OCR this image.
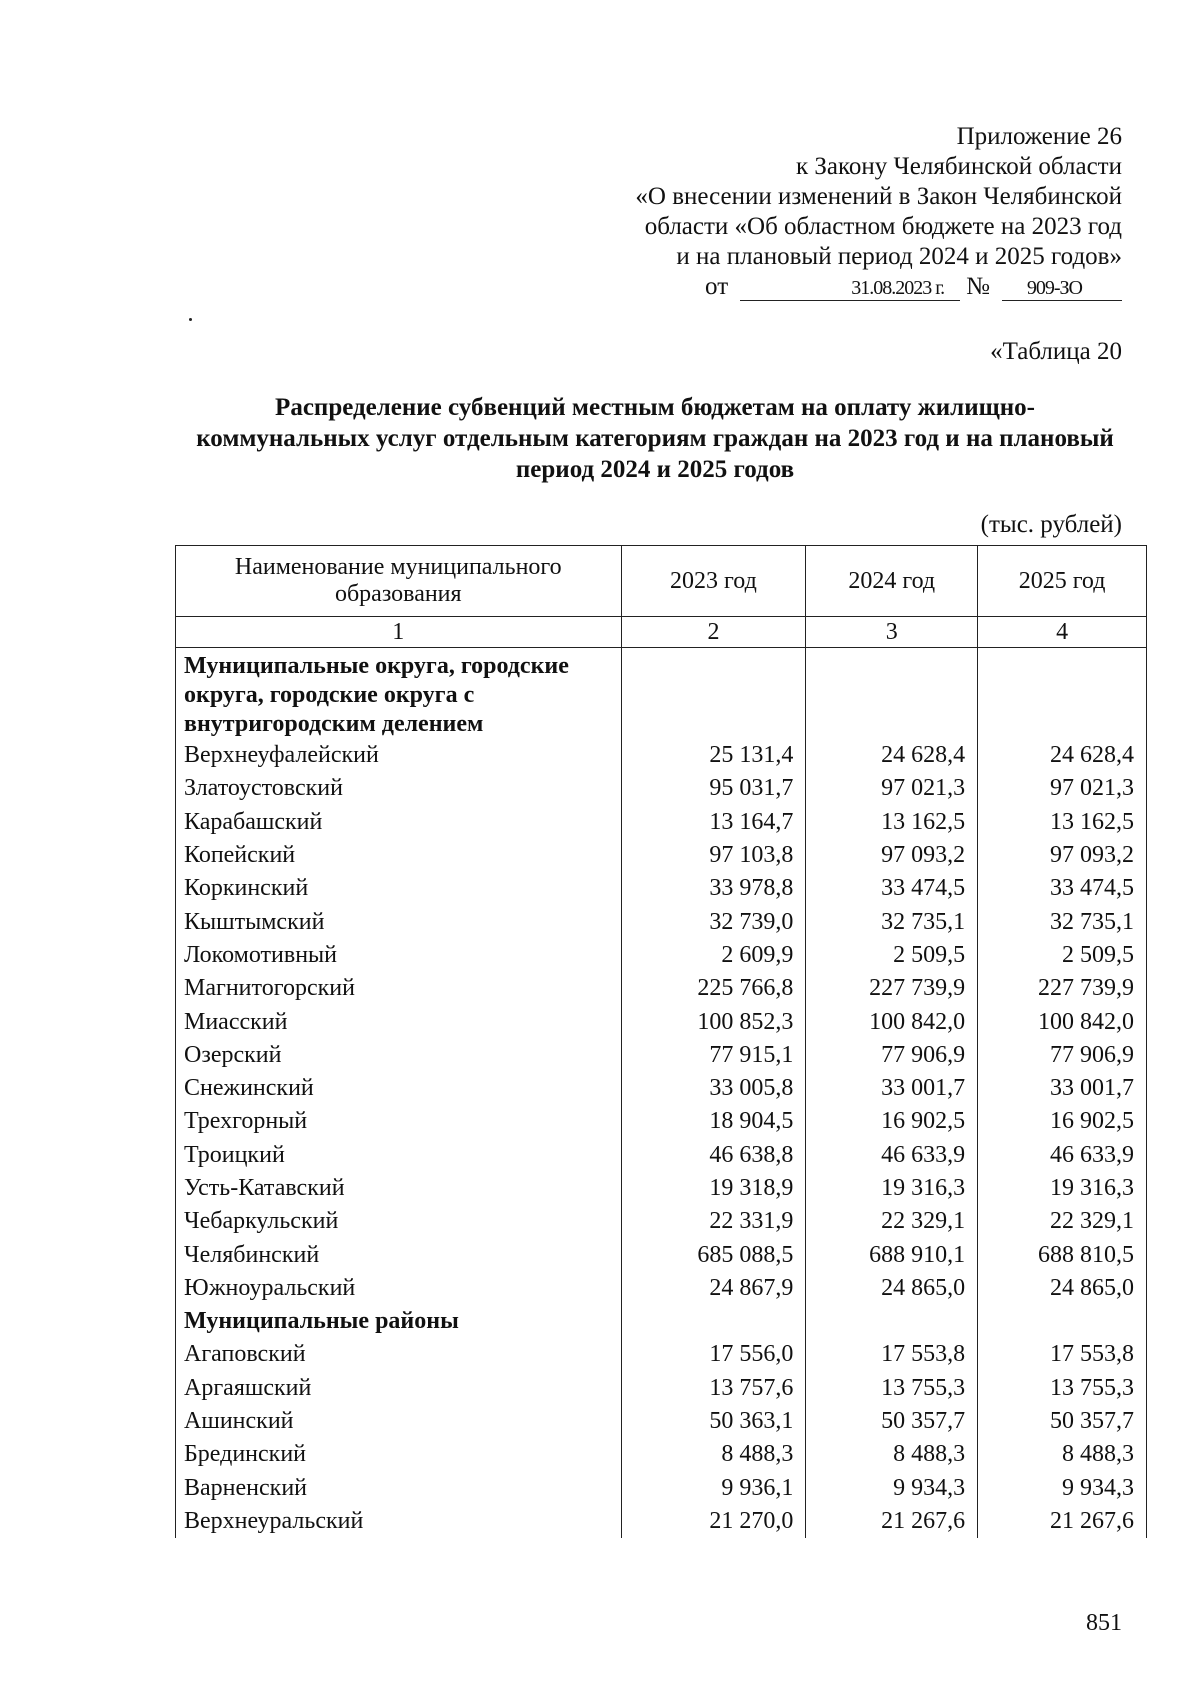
Приложение 26
к Закону Челябинской области
«О внесении изменений в Закон Челябинской
области «Об областном бюджете на 2023 год
и на плановый период 2024 и 2025 годов»
от	31.08.2023 г. № 909-ЗО
«Таблица 20
Распределение субвенций местным бюджетам на оплату жилищно-
коммунальных услуг отдельным категориям граждан на 2023 год и на плановый
период 2024 и 2025 годов
(тыс. рублей)
Наименование муниципального образования	2023 год	2024 год	2025 год
1	2	3	4
Муниципальные округа, городские округа, городские округа с внутригородским делением			
Верхнеуфалейский	25 131,4	24 628,4	24 628,4
Златоустовский	95 031,7	97 021,3	97 021,3
Карабашский	13 164,7	13 162,5	13 162,5
Копейский	97 103,8	97 093,2	97 093,2
Коркинский	33 978,8	33 474,5	33 474,5
Кыштымский	32 739,0	32 735,1	32 735,1
Локомотивный	2 609,9	2 509,5	2 509,5
Магнитогорский	225 766,8	227 739,9	227 739,9
Миасский	100 852,3	100 842,0	100 842,0
Озерский	77 915,1	77 906,9	77 906,9
Снежинский	33 005,8	33 001,7	33 001,7
Трехгорный	18 904,5	16 902,5	16 902,5
Троицкий	46 638,8	46 633,9	46 633,9
Усть-Катавский	19 318,9	19 316,3	19 316,3
Чебаркульский	22 331,9	22 329,1	22 329,1
Челябинский	685 088,5	688 910,1	688 810,5
Южноуральский	24 867,9	24 865,0	24 865,0
Муниципальные районы			
Агаповский	17 556,0	17 553,8	17 553,8
Аргаяшский	13 757,6	13 755,3	13 755,3
Ашинский	50 363,1	50 357,7	50 357,7
Брединский	8 488,3	8 488,3	8 488,3
Варненский	9 936,1	9 934,3	9 934,3
Верхнеуральский	21 270,0	21 267,6	21 267,6
851
